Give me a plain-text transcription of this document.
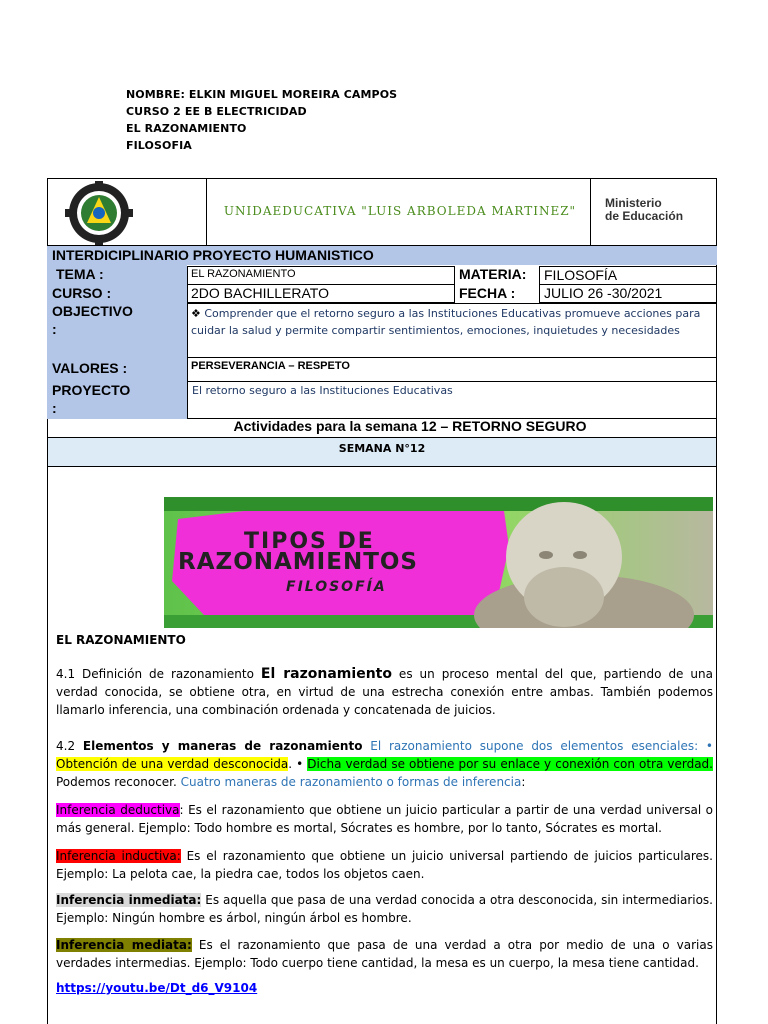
NOMBRE: ELKIN MIGUEL MOREIRA CAMPOS
CURSO 2 EE B ELECTRICIDAD
EL RAZONAMIENTO
FILOSOFIA
UNIDAEDUCATIVA "LUIS ARBOLEDA MARTINEZ"
Ministerio
de Educación
INTERDICIPLINARIO PROYECTO HUMANISTICO
TEMA :	EL RAZONAMIENTO	MATERIA: FILOSOFÍA
CURSO :	2DO BACHILLERATO	FECHA : JULIO 26 -30/2021
OBJECTIVO
:
❖ Comprender que el retorno seguro a las Instituciones Educativas promueve acciones para cuidar la salud y permite compartir sentimientos, emociones, inquietudes y necesidades
VALORES :	PERSEVERANCIA – RESPETO
PROYECTO
:
El retorno seguro a las Instituciones Educativas
Actividades para la semana 12 – RETORNO SEGURO
SEMANA N°12
TIPOS DE
RAZONAMIENTOS
FILOSOFÍA
EL RAZONAMIENTO
4.1 Definición de razonamiento El razonamiento es un proceso mental del que, partiendo de una verdad conocida, se obtiene otra, en virtud de una estrecha conexión entre ambas. También podemos llamarlo inferencia, una combinación ordenada y concatenada de juicios.
4.2 Elementos y maneras de razonamiento El razonamiento supone dos elementos esenciales: • Obtención de una verdad desconocida. • Dicha verdad se obtiene por su enlace y conexión con otra verdad. Podemos reconocer. Cuatro maneras de razonamiento o formas de inferencia:
Inferencia deductiva: Es el razonamiento que obtiene un juicio particular a partir de una verdad universal o más general. Ejemplo: Todo hombre es mortal, Sócrates es hombre, por lo tanto, Sócrates es mortal.
Inferencia inductiva: Es el razonamiento que obtiene un juicio universal partiendo de juicios particulares. Ejemplo: La pelota cae, la piedra cae, todos los objetos caen.
Inferencia inmediata: Es aquella que pasa de una verdad conocida a otra desconocida, sin intermediarios. Ejemplo: Ningún hombre es árbol, ningún árbol es hombre.
Inferencia mediata: Es el razonamiento que pasa de una verdad a otra por medio de una o varias verdades intermedias. Ejemplo: Todo cuerpo tiene cantidad, la mesa es un cuerpo, la mesa tiene cantidad.
https://youtu.be/Dt_d6_V9104
